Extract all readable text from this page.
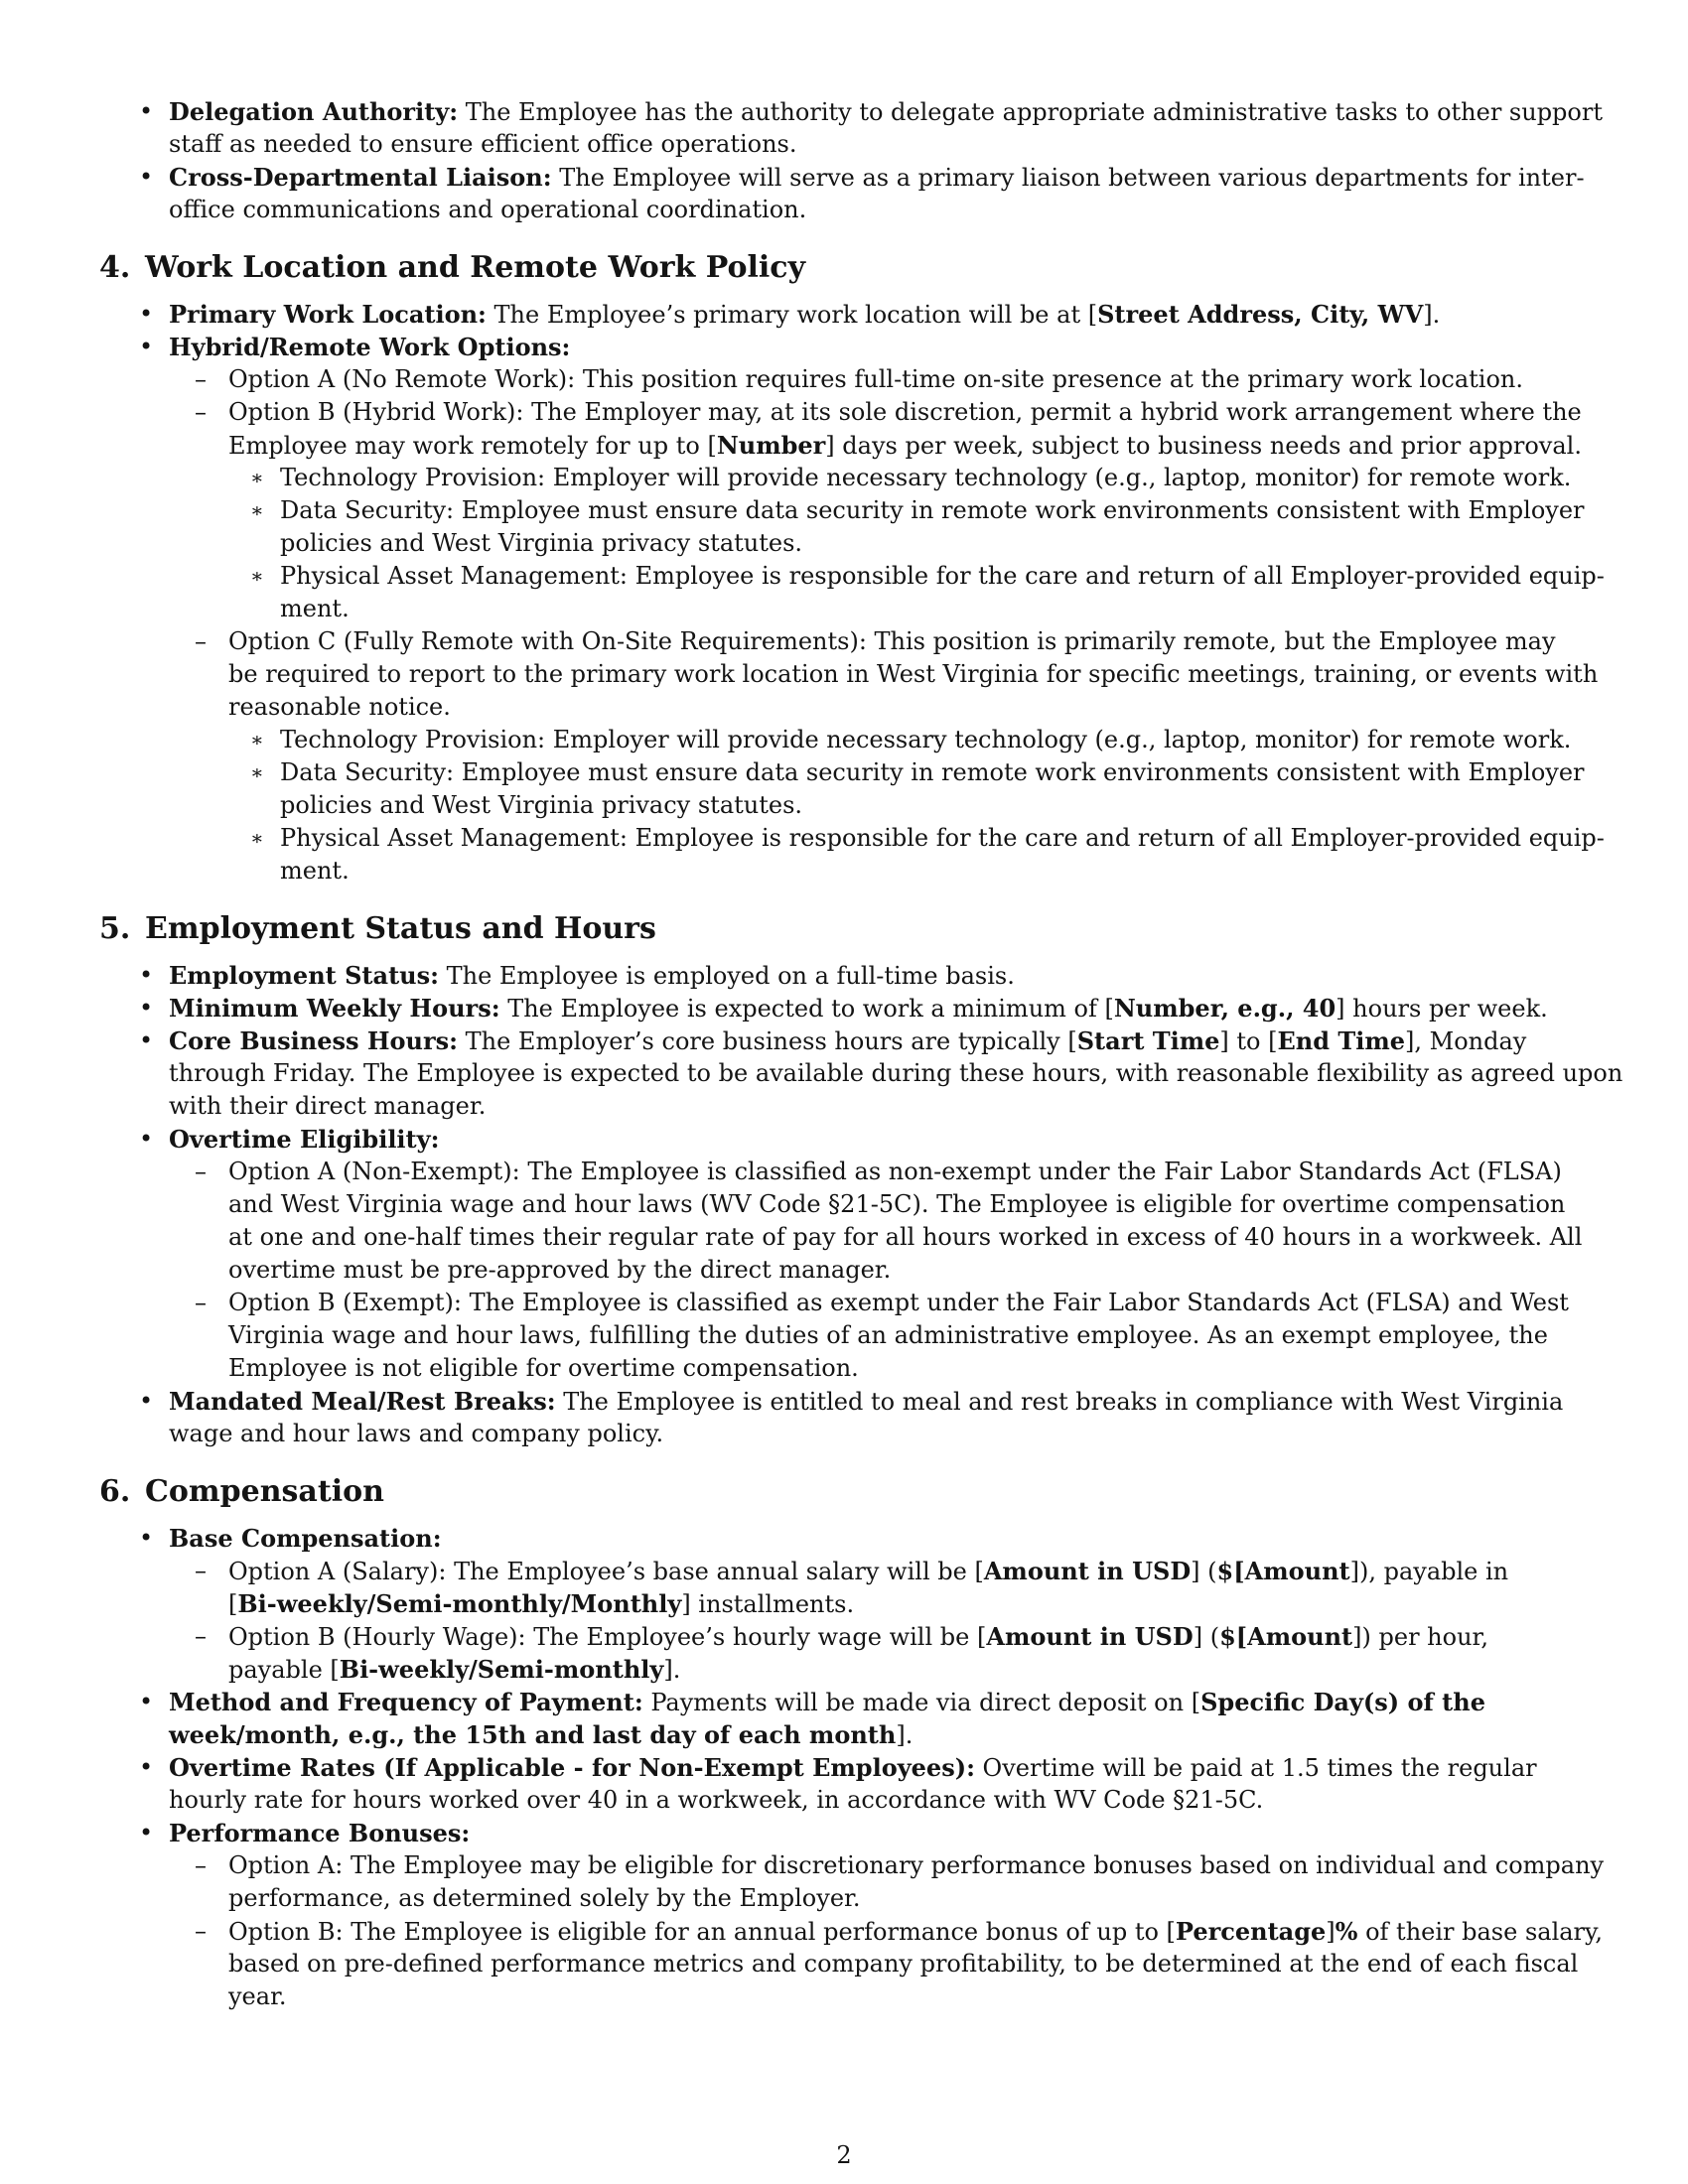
• Delegation Authority: The Employee has the authority to delegate appropriate administrative tasks to other support
staff as needed to ensure efficient office operations.
• Cross-Departmental Liaison: The Employee will serve as a primary liaison between various departments for inter-
office communications and operational coordination.
4. Work Location and Remote Work Policy
• Primary Work Location: The Employee’s primary work location will be at [Street Address, City, WV].
• Hybrid/Remote Work Options:
– Option A (No Remote Work): This position requires full-time on-site presence at the primary work location.
– Option B (Hybrid Work): The Employer may, at its sole discretion, permit a hybrid work arrangement where the
Employee may work remotely for up to [Number] days per week, subject to business needs and prior approval.
∗ Technology Provision: Employer will provide necessary technology (e.g., laptop, monitor) for remote work.
∗ Data Security: Employee must ensure data security in remote work environments consistent with Employer
policies and West Virginia privacy statutes.
∗ Physical Asset Management: Employee is responsible for the care and return of all Employer-provided equip-
ment.
– Option C (Fully Remote with On-Site Requirements): This position is primarily remote, but the Employee may
be required to report to the primary work location in West Virginia for specific meetings, training, or events with
reasonable notice.
∗ Technology Provision: Employer will provide necessary technology (e.g., laptop, monitor) for remote work.
∗ Data Security: Employee must ensure data security in remote work environments consistent with Employer
policies and West Virginia privacy statutes.
∗ Physical Asset Management: Employee is responsible for the care and return of all Employer-provided equip-
ment.
5. Employment Status and Hours
• Employment Status: The Employee is employed on a full-time basis.
• Minimum Weekly Hours: The Employee is expected to work a minimum of [Number, e.g., 40] hours per week.
• Core Business Hours: The Employer’s core business hours are typically [Start Time] to [End Time], Monday
through Friday. The Employee is expected to be available during these hours, with reasonable flexibility as agreed upon
with their direct manager.
• Overtime Eligibility:
– Option A (Non-Exempt): The Employee is classified as non-exempt under the Fair Labor Standards Act (FLSA)
and West Virginia wage and hour laws (WV Code §21-5C). The Employee is eligible for overtime compensation
at one and one-half times their regular rate of pay for all hours worked in excess of 40 hours in a workweek. All
overtime must be pre-approved by the direct manager.
– Option B (Exempt): The Employee is classified as exempt under the Fair Labor Standards Act (FLSA) and West
Virginia wage and hour laws, fulfilling the duties of an administrative employee. As an exempt employee, the
Employee is not eligible for overtime compensation.
• Mandated Meal/Rest Breaks: The Employee is entitled to meal and rest breaks in compliance with West Virginia
wage and hour laws and company policy.
6. Compensation
• Base Compensation:
– Option A (Salary): The Employee’s base annual salary will be [Amount in USD] ($[Amount]), payable in
[Bi-weekly/Semi-monthly/Monthly] installments.
– Option B (Hourly Wage): The Employee’s hourly wage will be [Amount in USD] ($[Amount]) per hour,
payable [Bi-weekly/Semi-monthly].
• Method and Frequency of Payment: Payments will be made via direct deposit on [Specific Day(s) of the
week/month, e.g., the 15th and last day of each month].
• Overtime Rates (If Applicable - for Non-Exempt Employees): Overtime will be paid at 1.5 times the regular
hourly rate for hours worked over 40 in a workweek, in accordance with WV Code §21-5C.
• Performance Bonuses:
– Option A: The Employee may be eligible for discretionary performance bonuses based on individual and company
performance, as determined solely by the Employer.
– Option B: The Employee is eligible for an annual performance bonus of up to [Percentage]% of their base salary,
based on pre-defined performance metrics and company profitability, to be determined at the end of each fiscal
year.
2
